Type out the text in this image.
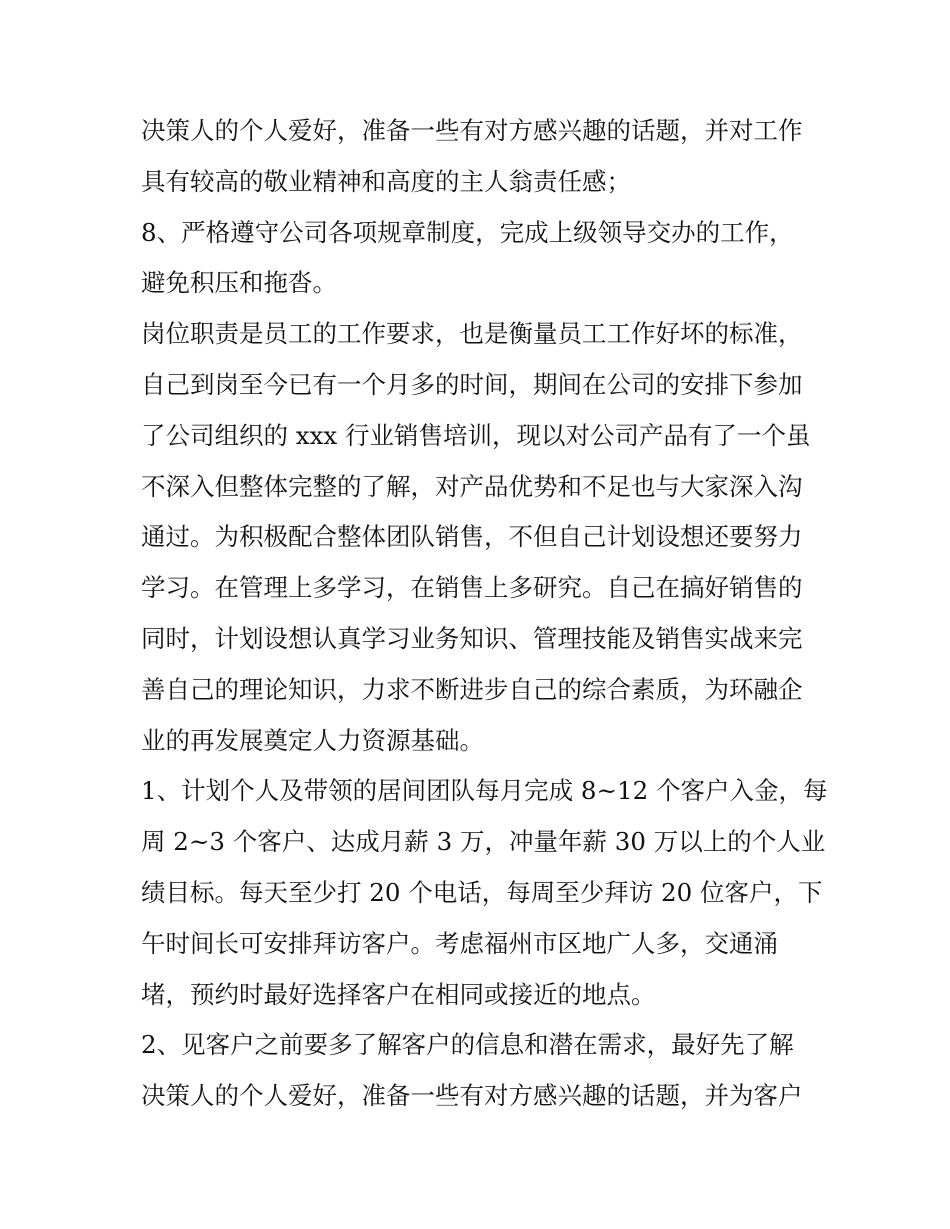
决策人的个人爱好，准备一些有对方感兴趣的话题，并对工作
具有较高的敬业精神和高度的主人翁责任感；
8、严格遵守公司各项规章制度，完成上级领导交办的工作，
避免积压和拖沓。
岗位职责是员工的工作要求，也是衡量员工工作好坏的标准，
自己到岗至今已有一个月多的时间，期间在公司的安排下参加
了公司组织的 xxx 行业销售培训，现以对公司产品有了一个虽
不深入但整体完整的了解，对产品优势和不足也与大家深入沟
通过。为积极配合整体团队销售，不但自己计划设想还要努力
学习。在管理上多学习，在销售上多研究。自己在搞好销售的
同时，计划设想认真学习业务知识、管理技能及销售实战来完
善自己的理论知识，力求不断进步自己的综合素质，为环融企
业的再发展奠定人力资源基础。
1、计划个人及带领的居间团队每月完成 8~12 个客户入金，每
周 2~3 个客户、达成月薪 3 万，冲量年薪 30 万以上的个人业
绩目标。每天至少打 20 个电话，每周至少拜访 20 位客户，下
午时间长可安排拜访客户。考虑福州市区地广人多，交通涌
堵，预约时最好选择客户在相同或接近的地点。
2、见客户之前要多了解客户的信息和潜在需求，最好先了解
决策人的个人爱好，准备一些有对方感兴趣的话题，并为客户
